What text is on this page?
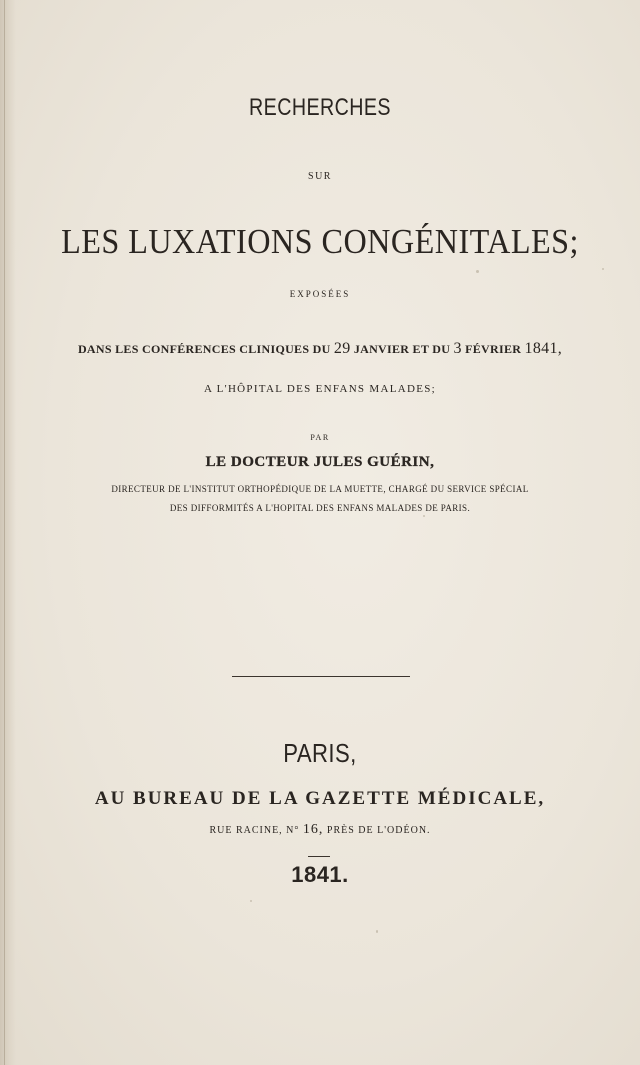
RECHERCHES
SUR
LES LUXATIONS CONGÉNITALES;
EXPOSÉES
DANS LES CONFÉRENCES CLINIQUES DU 29 JANVIER ET DU 3 FÉVRIER 1841,
A L'HÔPITAL DES ENFANS MALADES;
PAR
LE DOCTEUR JULES GUÉRIN,
DIRECTEUR DE L'INSTITUT ORTHOPÉDIQUE DE LA MUETTE, CHARGÉ DU SERVICE SPÉCIAL
DES DIFFORMITÉS A L'HOPITAL DES ENFANS MALADES DE PARIS.
PARIS,
AU BUREAU DE LA GAZETTE MÉDICALE,
RUE RACINE, N° 16, PRÈS DE L'ODÉON.
1841.
